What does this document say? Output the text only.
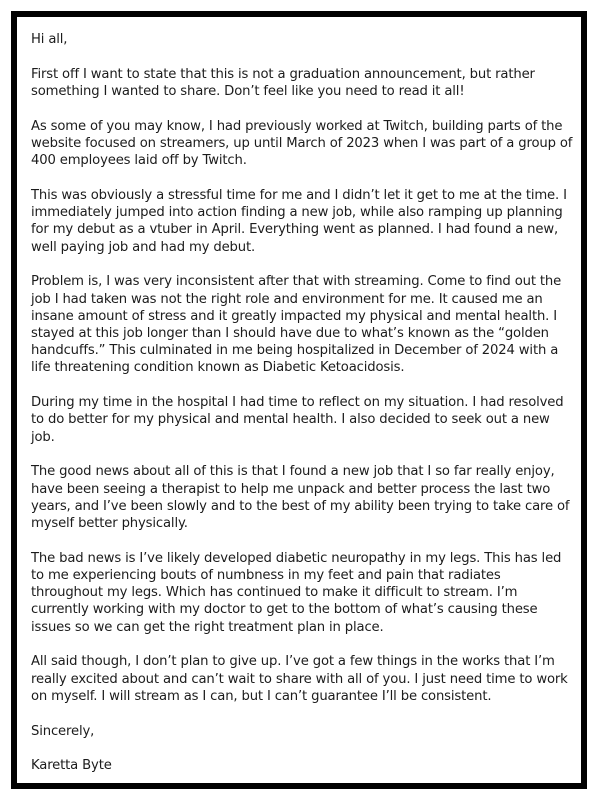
Hi all,

First off I want to state that this is not a graduation announcement, but rather something I wanted to share. Don’t feel like you need to read it all!

As some of you may know, I had previously worked at Twitch, building parts of the website focused on streamers, up until March of 2023 when I was part of a group of 400 employees laid off by Twitch.

This was obviously a stressful time for me and I didn’t let it get to me at the time. I immediately jumped into action finding a new job, while also ramping up planning for my debut as a vtuber in April. Everything went as planned. I had found a new, well paying job and had my debut.

Problem is, I was very inconsistent after that with streaming. Come to find out the job I had taken was not the right role and environment for me. It caused me an insane amount of stress and it greatly impacted my physical and mental health. I stayed at this job longer than I should have due to what’s known as the “golden handcuffs.” This culminated in me being hospitalized in December of 2024 with a life threatening condition known as Diabetic Ketoacidosis.

During my time in the hospital I had time to reflect on my situation. I had resolved to do better for my physical and mental health. I also decided to seek out a new job.

The good news about all of this is that I found a new job that I so far really enjoy, have been seeing a therapist to help me unpack and better process the last two years, and I’ve been slowly and to the best of my ability been trying to take care of myself better physically.

The bad news is I’ve likely developed diabetic neuropathy in my legs. This has led to me experiencing bouts of numbness in my feet and pain that radiates throughout my legs. Which has continued to make it difficult to stream. I’m currently working with my doctor to get to the bottom of what’s causing these issues so we can get the right treatment plan in place.

All said though, I don’t plan to give up. I’ve got a few things in the works that I’m really excited about and can’t wait to share with all of you. I just need time to work on myself. I will stream as I can, but I can’t guarantee I’ll be consistent.

Sincerely,

Karetta Byte
